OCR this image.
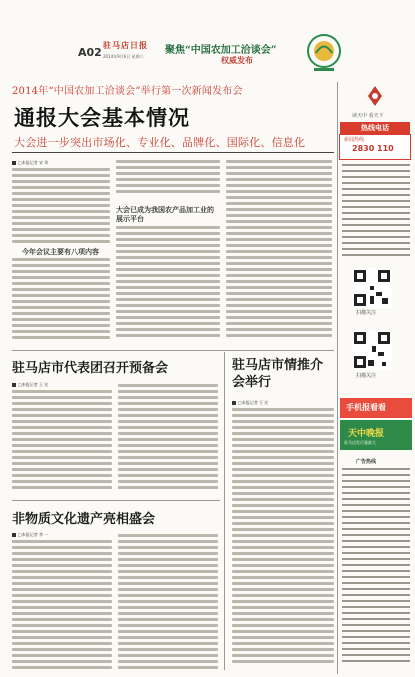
A02
驻马店日报
2014年9月6日 星期六
聚焦“中国农加工洽谈会”
权威发布
2014年“中国农加工洽谈会”举行第一次新闻发布会
通报大会基本情况
大会进一步突出市场化、专业化、品牌化、国际化、信息化
□本报记者 宋 玮
今年会议主要有八项内容
大会已成为我国农产品加工业的展示平台
驻马店市代表团召开预备会
□本报记者 王 宏
驻马店市情推介会举行
□本报记者 王 宏
非物质文化遗产亮相盛会
□本报记者 李 一
读天中 看天下
热线电话
新闻热线
2830 110
扫描关注
扫描关注
手机报看看
天中晚报
驻马店发行量最大
广告热线
